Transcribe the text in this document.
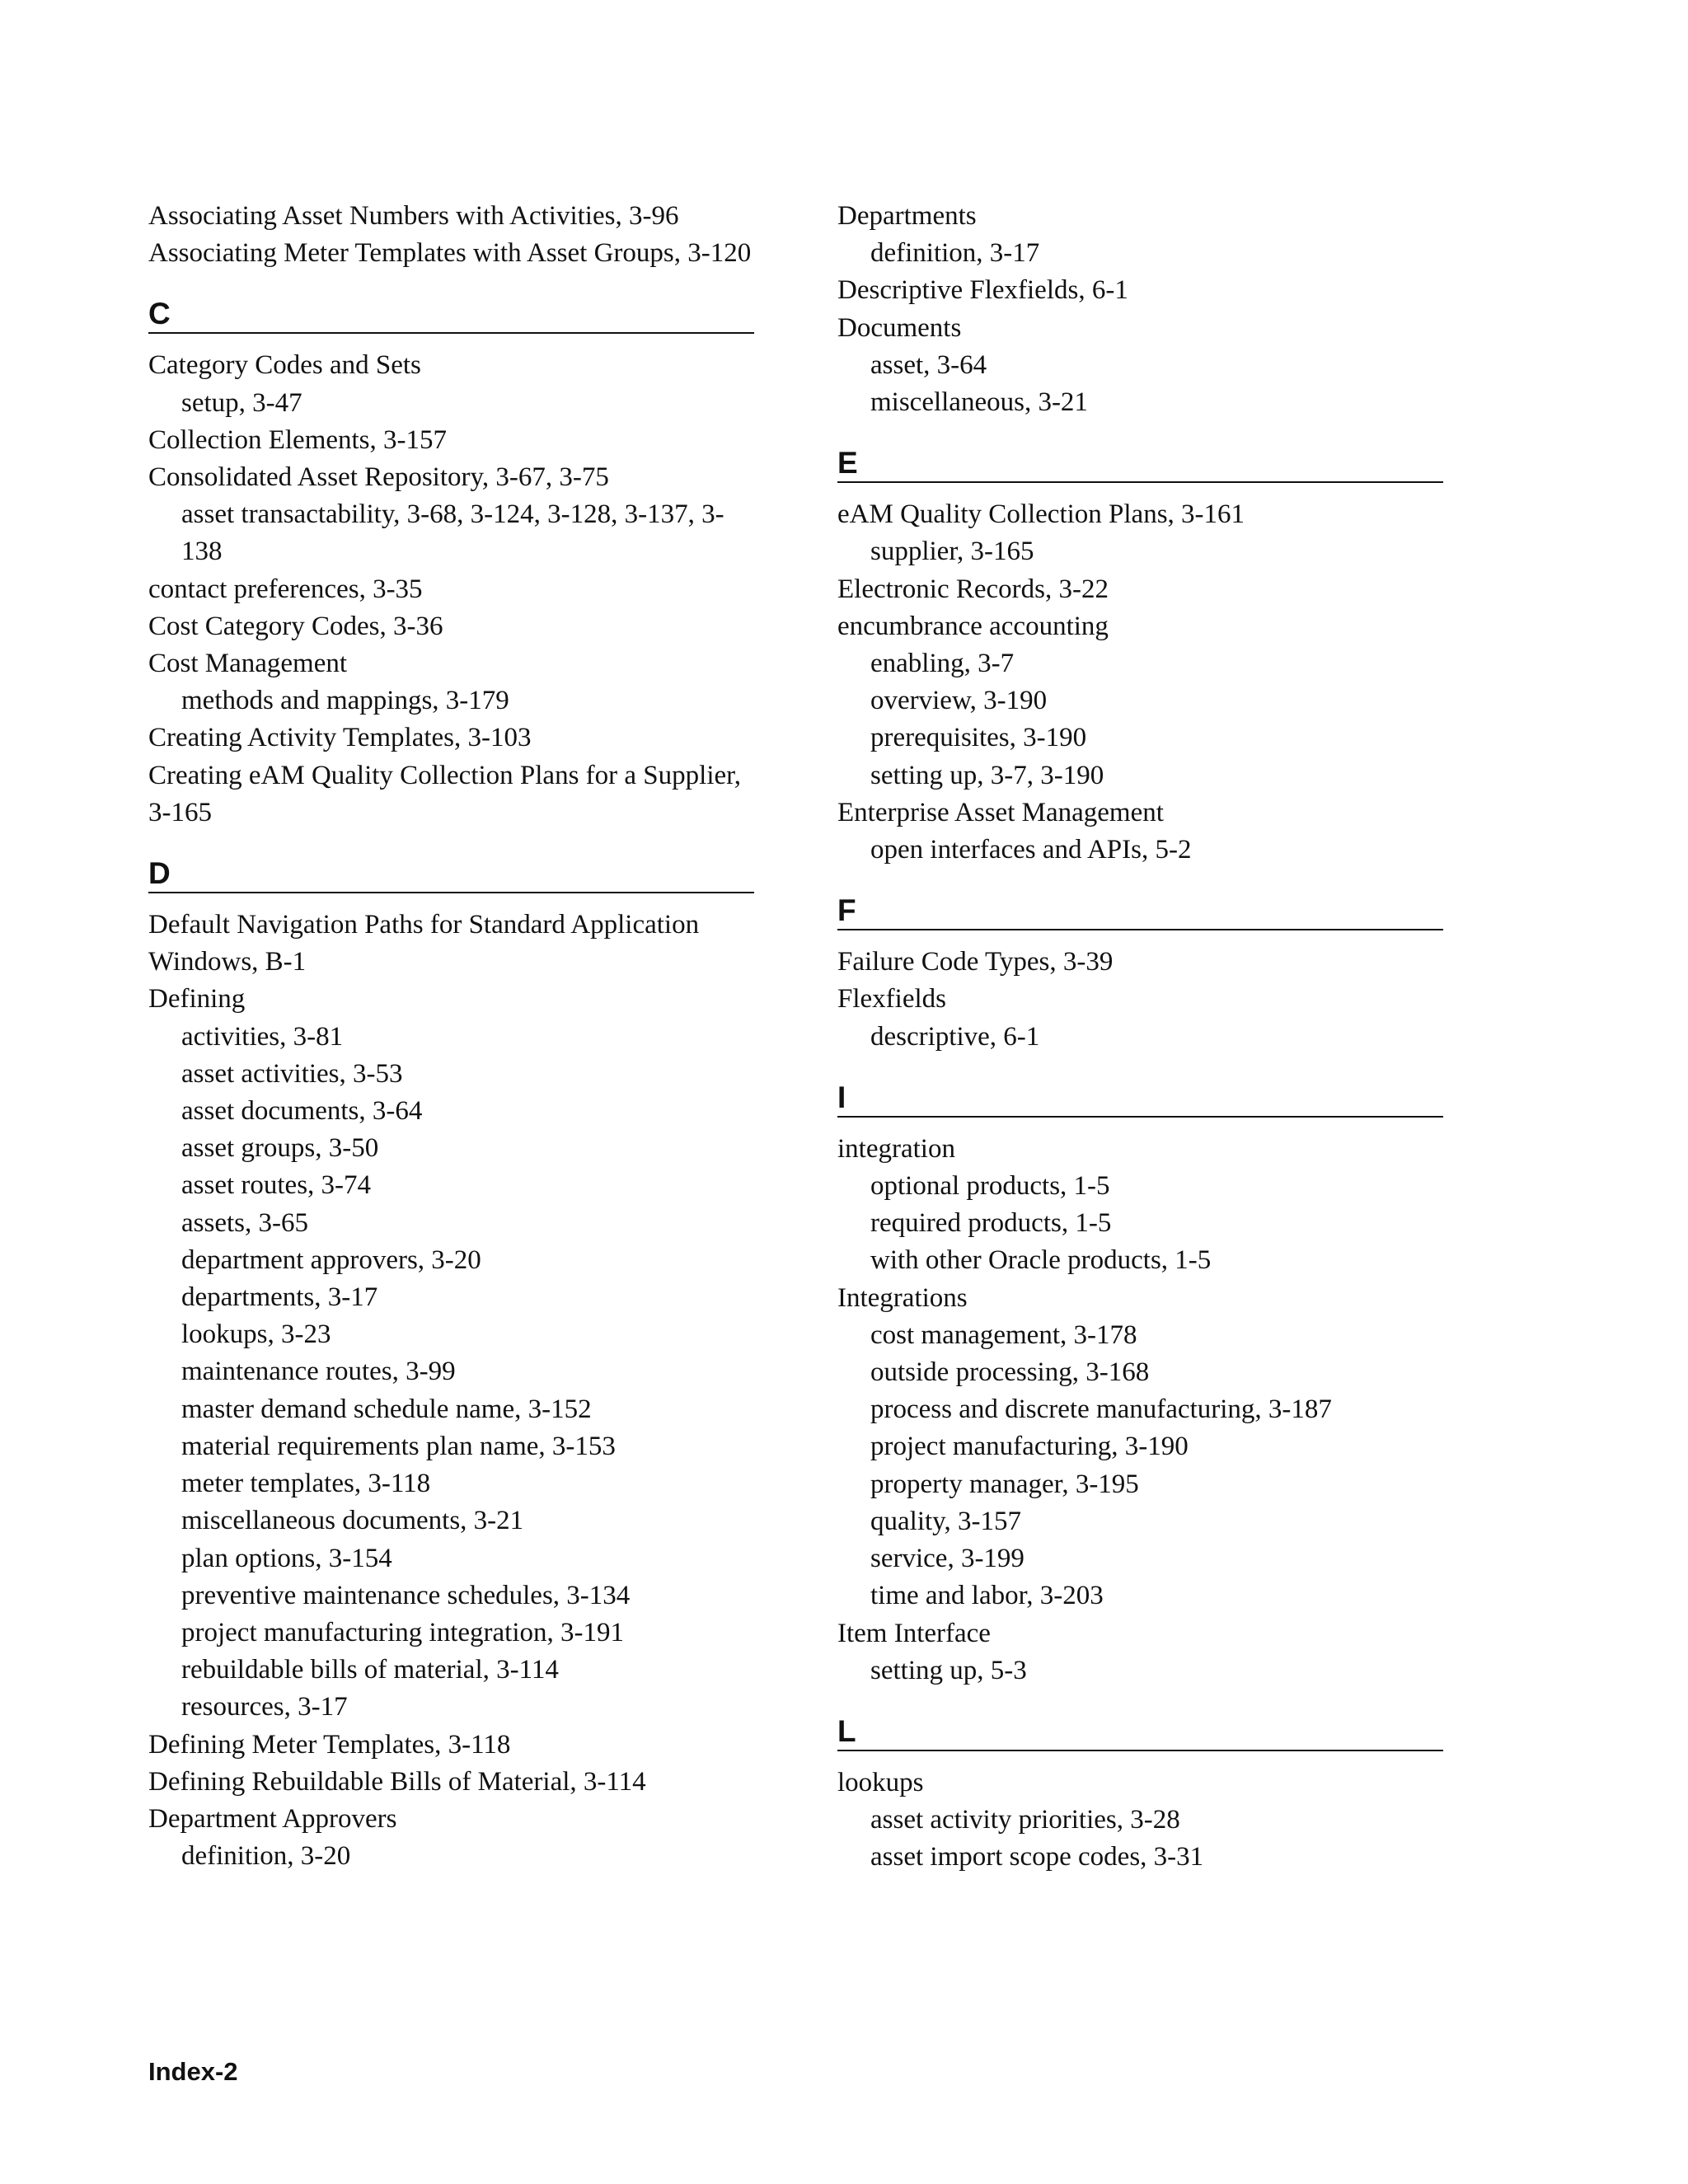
Associating Asset Numbers with Activities, 3-96

Associating Meter Templates with Asset Groups, 3-120

C

Category Codes and Sets

setup, 3-47

Collection Elements, 3-157

Consolidated Asset Repository, 3-67, 3-75

asset transactability, 3-68, 3-124, 3-128, 3-137, 3-138

contact preferences, 3-35

Cost Category Codes, 3-36

Cost Management

methods and mappings, 3-179

Creating Activity Templates, 3-103

Creating eAM Quality Collection Plans for a Supplier, 3-165

D

Default Navigation Paths for Standard Application Windows, B-1

Defining

activities, 3-81

asset activities, 3-53

asset documents, 3-64

asset groups, 3-50

asset routes, 3-74

assets, 3-65

department approvers, 3-20

departments, 3-17

lookups, 3-23

maintenance routes, 3-99

master demand schedule name, 3-152

material requirements plan name, 3-153

meter templates, 3-118

miscellaneous documents, 3-21

plan options, 3-154

preventive maintenance schedules, 3-134

project manufacturing integration, 3-191

rebuildable bills of material, 3-114

resources, 3-17

Defining Meter Templates, 3-118

Defining Rebuildable Bills of Material, 3-114

Department Approvers

definition, 3-20

Departments

definition, 3-17

Descriptive Flexfields, 6-1

Documents

asset, 3-64

miscellaneous, 3-21

E

eAM Quality Collection Plans, 3-161

supplier, 3-165

Electronic Records, 3-22

encumbrance accounting

enabling, 3-7

overview, 3-190

prerequisites, 3-190

setting up, 3-7, 3-190

Enterprise Asset Management

open interfaces and APIs, 5-2

F

Failure Code Types, 3-39

Flexfields

descriptive, 6-1

I

integration

optional products, 1-5

required products, 1-5

with other Oracle products, 1-5

Integrations

cost management, 3-178

outside processing, 3-168

process and discrete manufacturing, 3-187

project manufacturing, 3-190

property manager, 3-195

quality, 3-157

service, 3-199

time and labor, 3-203

Item Interface

setting up, 5-3

L

lookups

asset activity priorities, 3-28

asset import scope codes, 3-31

Index-2
